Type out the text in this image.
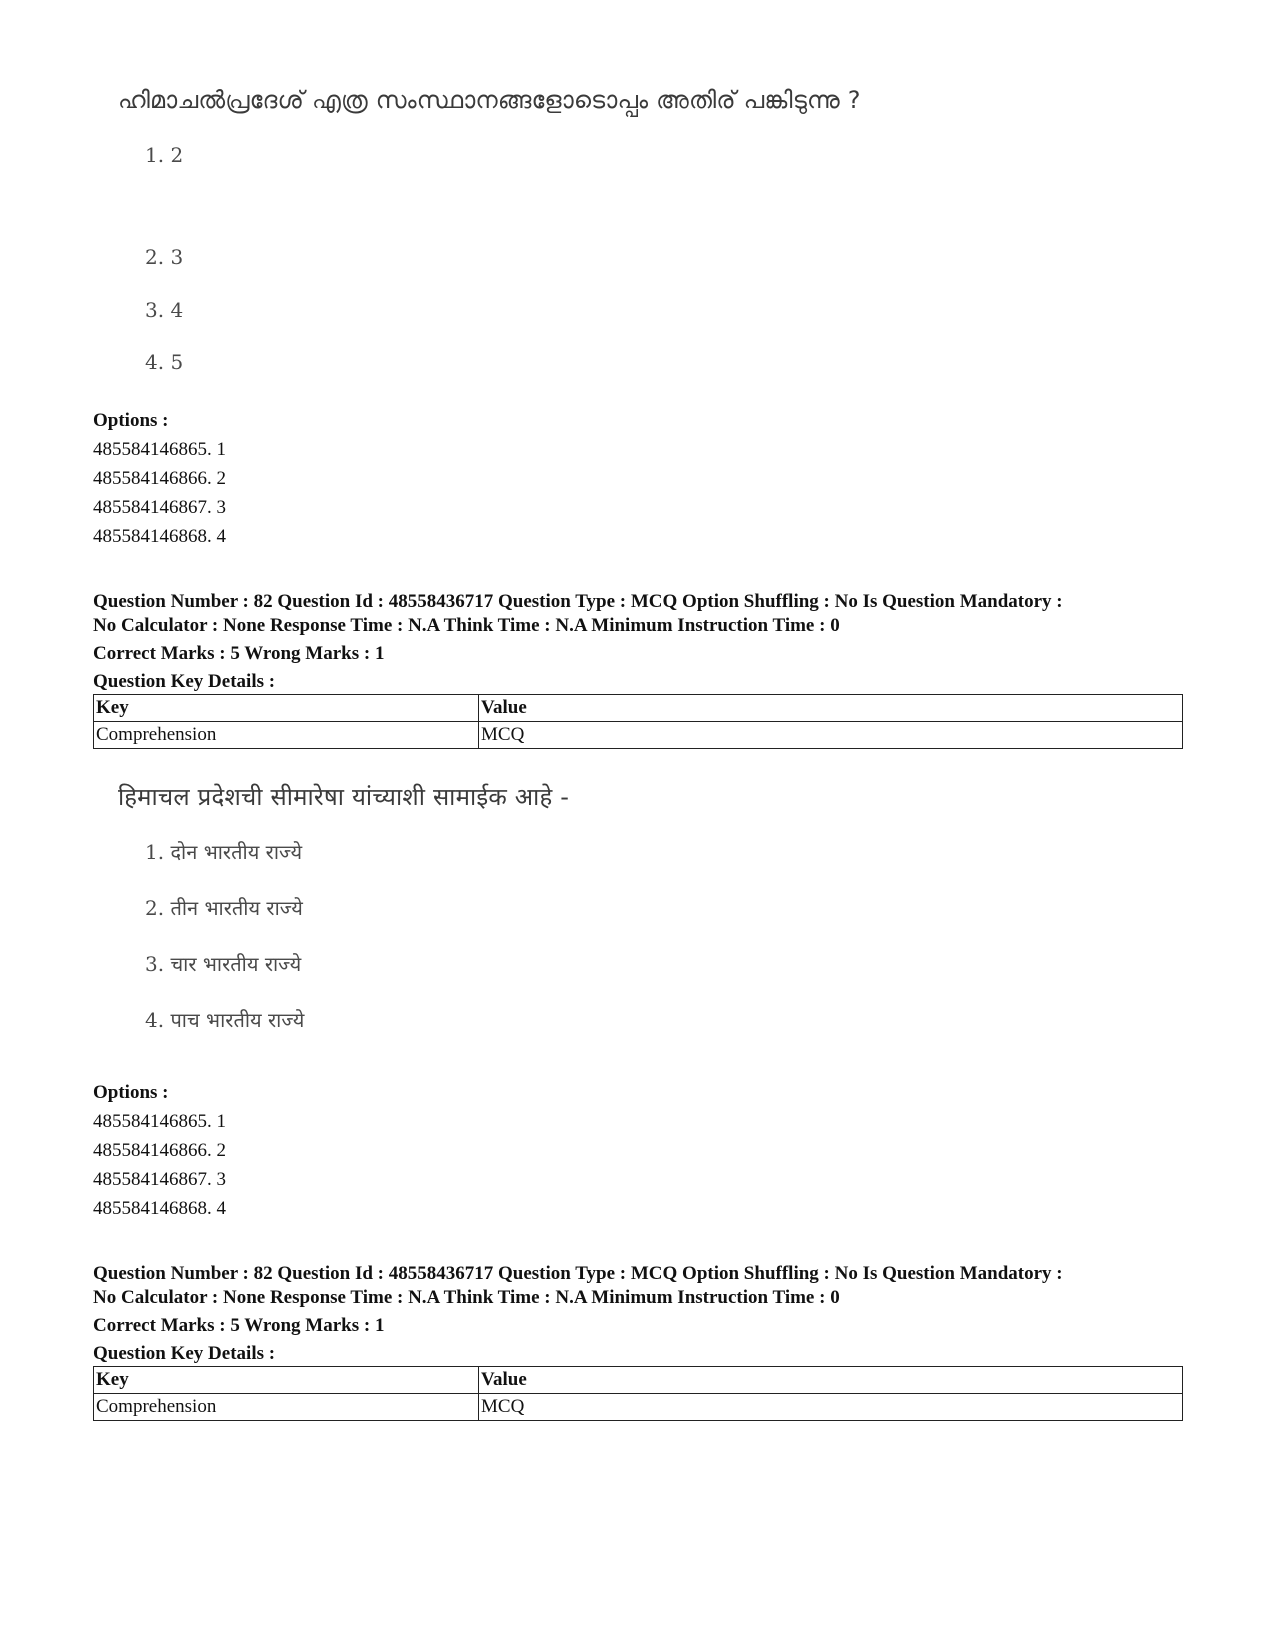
ഹിമാചൽപ്രദേശ് എത്ര സംസ്ഥാനങ്ങളോടൊപ്പം അതിര് പങ്കിടുന്നു ?
1. 2
2. 3
3. 4
4. 5
Options :
485584146865. 1
485584146866. 2
485584146867. 3
485584146868. 4
Question Number : 82 Question Id : 48558436717 Question Type : MCQ Option Shuffling : No Is Question Mandatory :
No Calculator : None Response Time : N.A Think Time : N.A Minimum Instruction Time : 0
Correct Marks : 5 Wrong Marks : 1
Question Key Details :
Key	Value
Comprehension	MCQ
हिमाचल प्रदेशची सीमारेषा यांच्याशी सामाईक आहे -
1. दोन भारतीय राज्ये
2. तीन भारतीय राज्ये
3. चार भारतीय राज्ये
4. पाच भारतीय राज्ये
Options :
485584146865. 1
485584146866. 2
485584146867. 3
485584146868. 4
Question Number : 82 Question Id : 48558436717 Question Type : MCQ Option Shuffling : No Is Question Mandatory :
No Calculator : None Response Time : N.A Think Time : N.A Minimum Instruction Time : 0
Correct Marks : 5 Wrong Marks : 1
Question Key Details :
Key	Value
Comprehension	MCQ
